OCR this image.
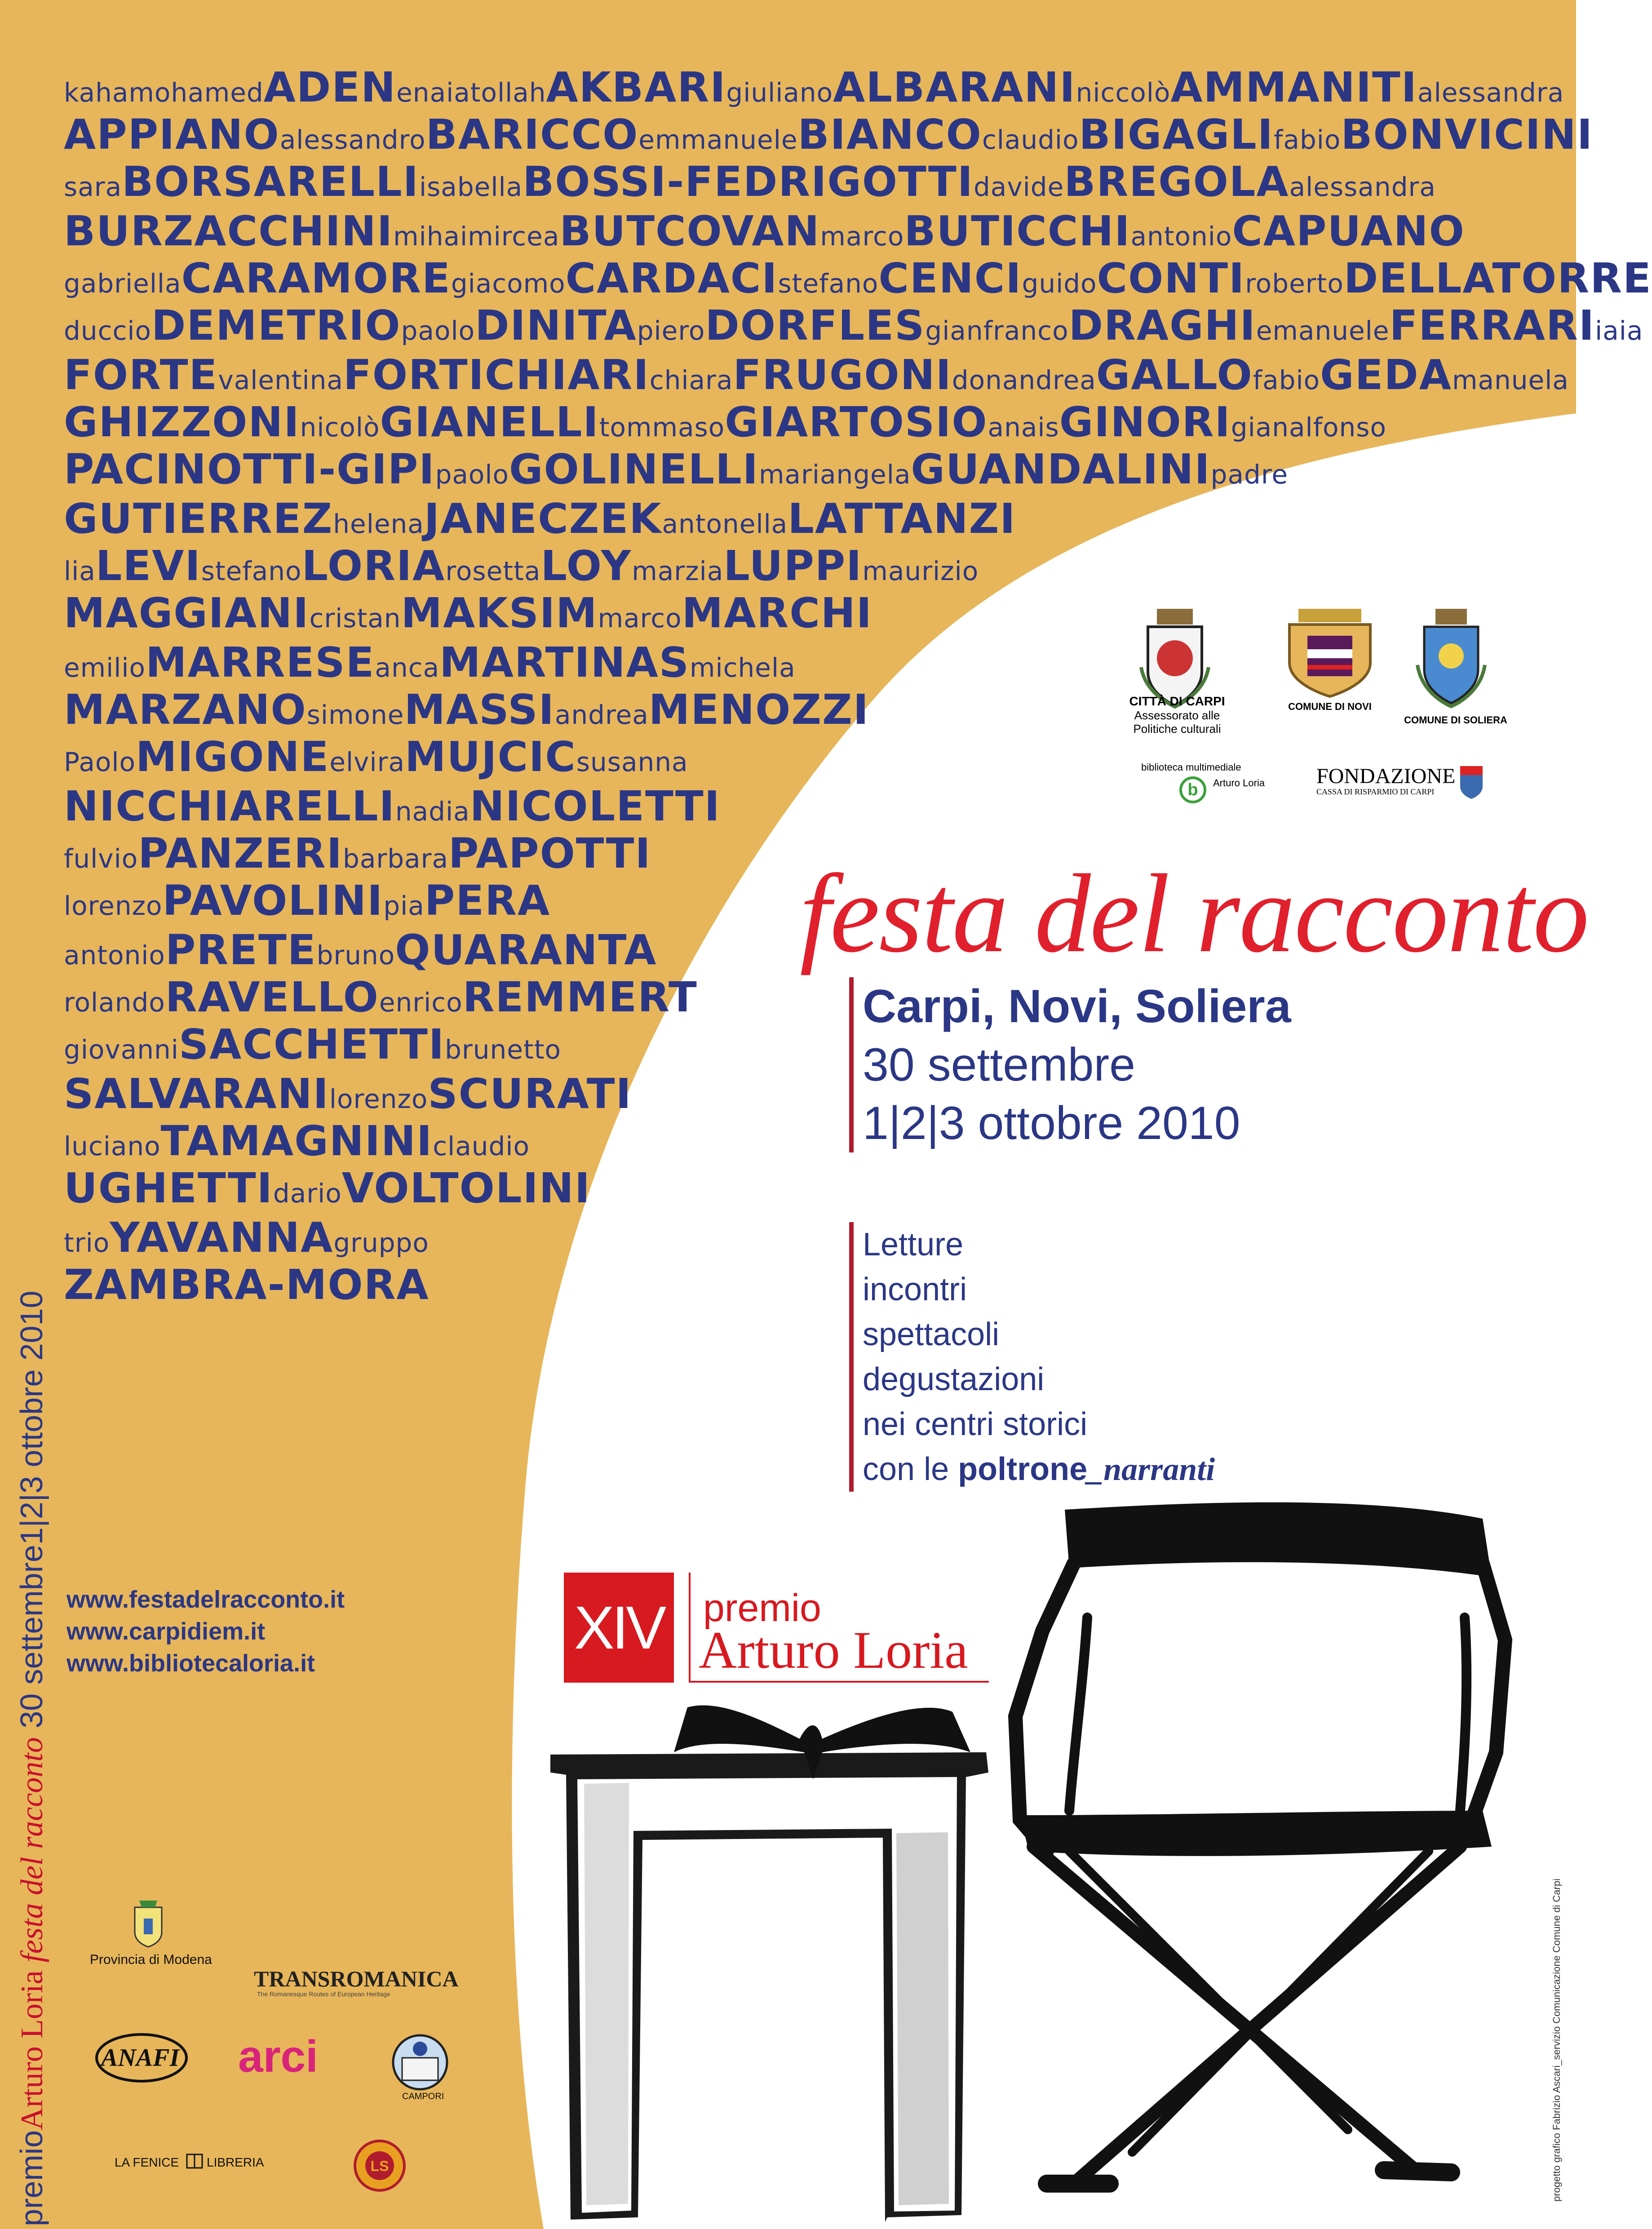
kahamohamedADENenaiatollahAKBARIgiulianoALBARANIniccolòAMMANITIalessandra
APPIANOalessandroBARICCOemmanueleBIANCOclaudioBIGAGLIfabioBONVICINI
saraBORSARELLIisabellaBOSSI-FEDRIGOTTIdavideBREGOLAalessandra
BURZACCHINImihaimirceaBUTCOVANmarcoBUTICCHIantonioCAPUANO
gabriellaCARAMOREgiacomoCARDACIstefanoCENCIguidoCONTIrobertoDELLATORRE
duccioDEMETRIOpaoloDINITApieroDORFLESgianfrancoDRAGHIemanueleFERRARIiaia
FORTEvalentinaFORTICHIARIchiaraFRUGONIdonandreaGALLOfabioGEDAmanuela
GHIZZONInicolòGIANELLItommasoGIARTOSIOanaisGINORIgianalfonso
PACINOTTI-GIPIpaoloGOLINELLImariangelaGUANDALINIpadre
GUTIERREZhelenaJANECZEKantonellaLATTANZI
liaLEVIstefanoLORIArosettaLOYmarziaLUPPImaurizio
MAGGIANIcristanMAKSIMmarcoMARCHI
emilioMARRESEancaMARTINASmichela
MARZANOsimoneMASSIandreaMENOZZI
PaoloMIGONEelviraMUJCICsusanna
NICCHIARELLInadiaNICOLETTI
fulvioPANZERIbarbaraPAPOTTI
lorenzoPAVOLINIpiaPERA
antonioPRETEbrunoQUARANTA
rolandoRAVELLOenricoREMMERT
giovanniSACCHETTIbrunetto
SALVARANIlorenzoSCURATI
lucianoTAMAGNINIclaudio
UGHETTIdarioVOLTOLINI
trioYAVANNAgruppo
ZAMBRA-MORA
premioArturo Loria festa del racconto 30 settembre1|2|3 ottobre 2010 www.festadelracconto.it
www.carpidiem.it
www.bibliotecaloria.it
CITTÀ DI CARPI
Assessorato alle
Politiche culturali
COMUNE DI NOVI
COMUNE DI SOLIERA
biblioteca multimediale
b Arturo Loria	FONDAZIONE
CASSA DI RISPARMIO DI CARPI
festa del racconto
Carpi, Novi, Soliera
30 settembre
1|2|3 ottobre 2010
Letture
incontri
spettacoli
degustazioni
nei centri storici
con le poltrone_narranti
XIV premio
Arturo Loria
Provincia di Modena
TRANSROMANICA
The Romanesque Routes of European Heritage
ANAFI arci
CAMPORI
LA FENICE LIBRERIA	LS	progetto grafico Fabrizio Ascari_servizio Comunicazione Comune di Carpi
